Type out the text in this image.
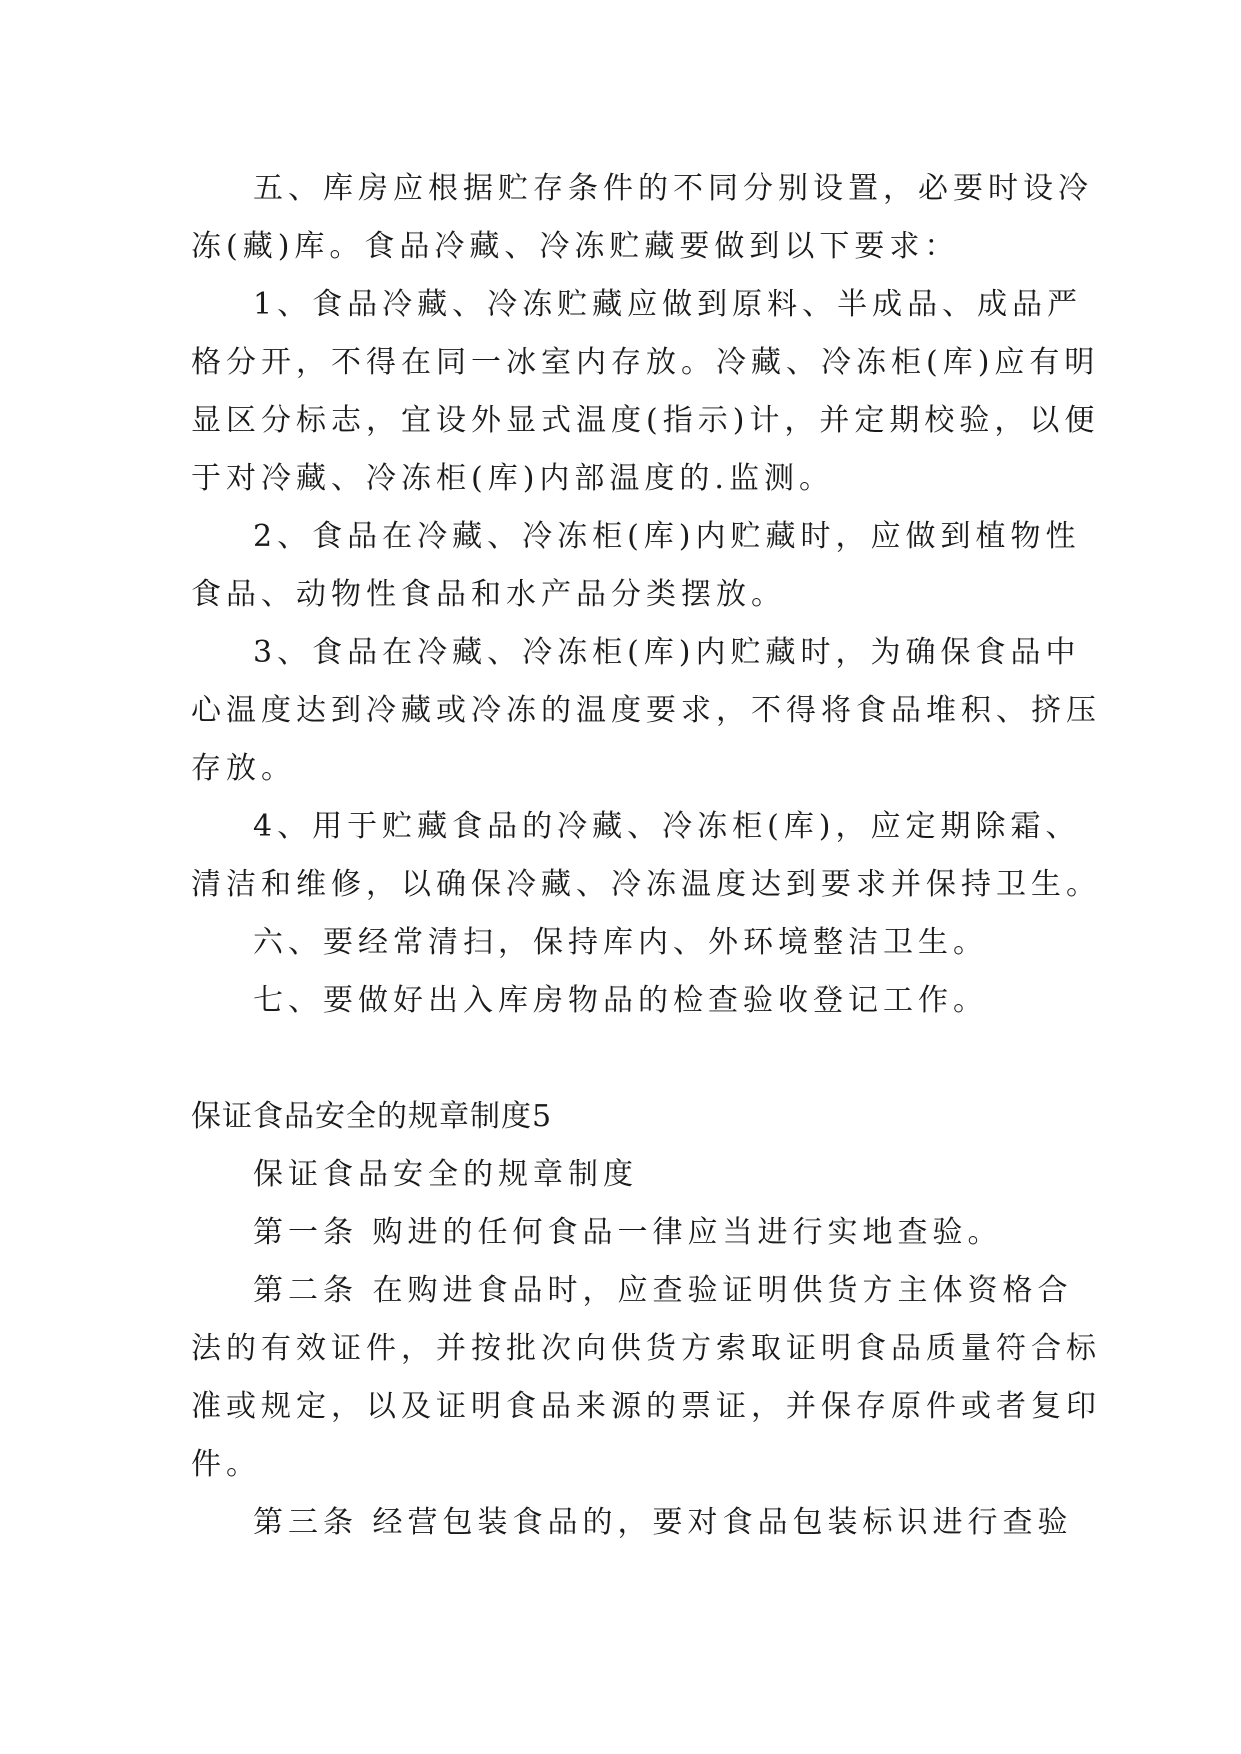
五、库房应根据贮存条件的不同分别设置，必要时设冷
冻(藏)库。食品冷藏、冷冻贮藏要做到以下要求：
1、食品冷藏、冷冻贮藏应做到原料、半成品、成品严
格分开，不得在同一冰室内存放。冷藏、冷冻柜(库)应有明
显区分标志，宜设外显式温度(指示)计，并定期校验，以便
于对冷藏、冷冻柜(库)内部温度的.监测。
2、食品在冷藏、冷冻柜(库)内贮藏时，应做到植物性
食品、动物性食品和水产品分类摆放。
3、食品在冷藏、冷冻柜(库)内贮藏时，为确保食品中
心温度达到冷藏或冷冻的温度要求，不得将食品堆积、挤压
存放。
4、用于贮藏食品的冷藏、冷冻柜(库)，应定期除霜、
清洁和维修，以确保冷藏、冷冻温度达到要求并保持卫生。
六、要经常清扫，保持库内、外环境整洁卫生。
七、要做好出入库房物品的检查验收登记工作。
保证食品安全的规章制度5
保证食品安全的规章制度
第一条 购进的任何食品一律应当进行实地查验。
第二条 在购进食品时，应查验证明供货方主体资格合
法的有效证件，并按批次向供货方索取证明食品质量符合标
准或规定，以及证明食品来源的票证，并保存原件或者复印
件。
第三条 经营包装食品的，要对食品包装标识进行查验
